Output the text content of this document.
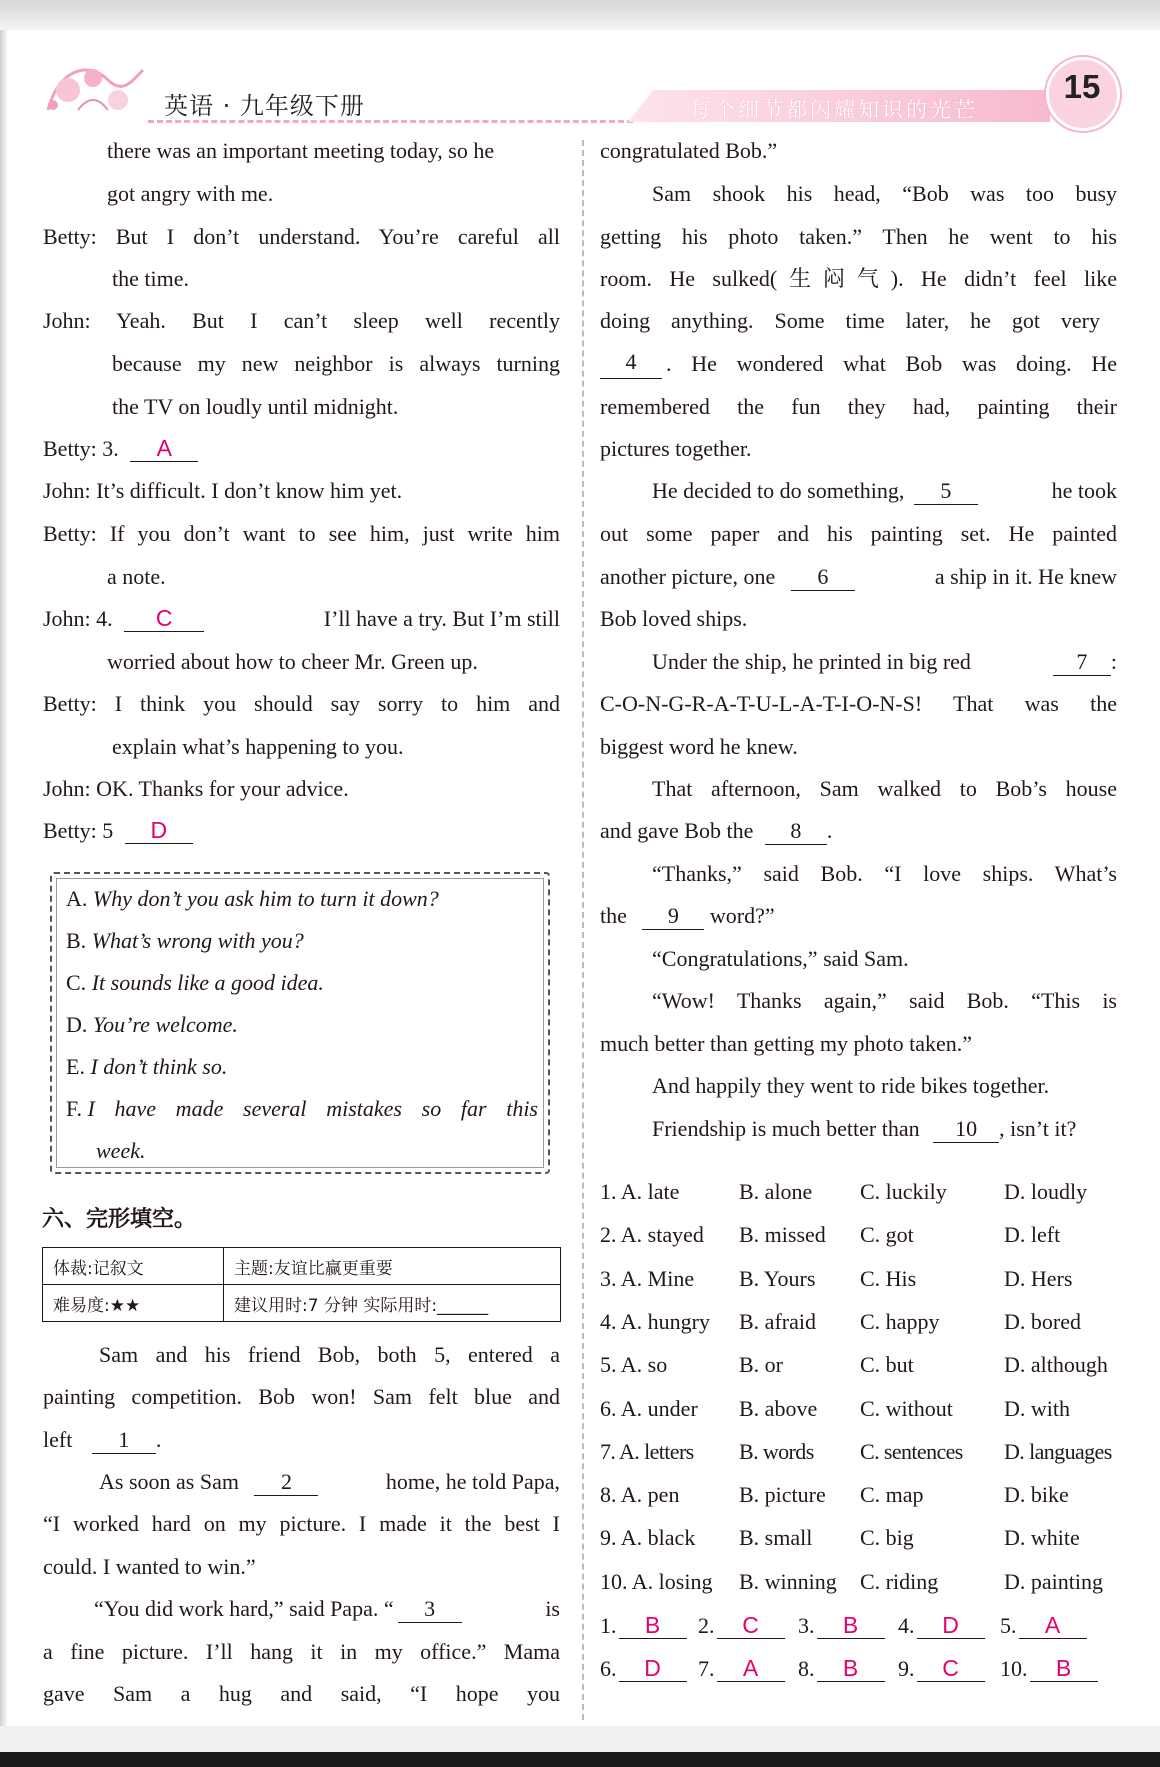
英语 · 九年级下册	每个细节都闪耀知识的光芒
15
there was an important meeting today, so he
got angry with me.
Betty: But I don’t understand. You’re careful all
the time.
John: Yeah. But I can’t sleep well recently
because my new neighbor is always turning
the TV on loudly until midnight.
Betty: 3. A
John: It’s difficult. I don’t know him yet.
Betty: If you don’t want to see him, just write him
a note.
John: 4. C	I’ll have a try. But I’m still
worried about how to cheer Mr. Green up.
Betty: I think you should say sorry to him and
explain what’s happening to you.
John: OK. Thanks for your advice.
Betty: 5 D
A. Why don’t you ask him to turn it down?
B. What’s wrong with you?
C. It sounds like a good idea.
D. You’re welcome.
E. I don’t think so.
F.
I have made several mistakes so far this
week.
六、完形填空。
体裁:记叙文	主题:友谊比赢更重要
难易度:★★	建议用时:7 分钟 实际用时:______
Sam and his friend Bob, both 5, entered a
painting competition. Bob won! Sam felt blue and
left 1 .
As soon as Sam 2	home, he told Papa,
“I worked hard on my picture. I made it the best I
could. I wanted to win.”
“You did work hard,” said Papa. “ 3	is
a fine picture. I’ll hang it in my office.” Mama
gave Sam a hug and said, “I hope you
congratulated Bob.”
Sam shook his head, “Bob was too busy
getting his photo taken.” Then he went to his
room. He sulked(生闷气). He didn’t feel like
doing anything. Some time later, he got very
4	. He wondered what Bob was doing. He
remembered the fun they had, painting their
pictures together.
He decided to do something, 5	he took
out some paper and his painting set. He painted
another picture, one 6	a ship in it. He knew
Bob loved ships.
Under the ship, he printed in big red	7 :
C-O-N-G-R-A-T-U-L-A-T-I-O-N-S! That was the
biggest word he knew.
That afternoon, Sam walked to Bob’s house
and gave Bob the 8 .
“Thanks,” said Bob. “I love ships. What’s
the 9 word?”
“Congratulations,” said Sam.
“Wow! Thanks again,” said Bob. “This is
much better than getting my photo taken.”
And happily they went to ride bikes together.
Friendship is much better than 10 , isn’t it?
1. A. late	B. alone C. luckily	D. loudly
2. A. stayed B. missed C. got	D. left
3. A. Mine B. Yours C. His	D. Hers
4. A. hungry B. afraid C. happy	D. bored
5. A. so	B. or	C. but	D. although
6. A. under B. above C. without D. with
7. A. letters B. words C. sentences D. languages
8. A. pen	B. picture C. map	D. bike
9. A. black B. small C. big	D. white
10. A. losing B. winning C. riding	D. painting
1. B	2. C	3. B	4. D	5. A
6. D	7. A	8. B	9. C	10. B
